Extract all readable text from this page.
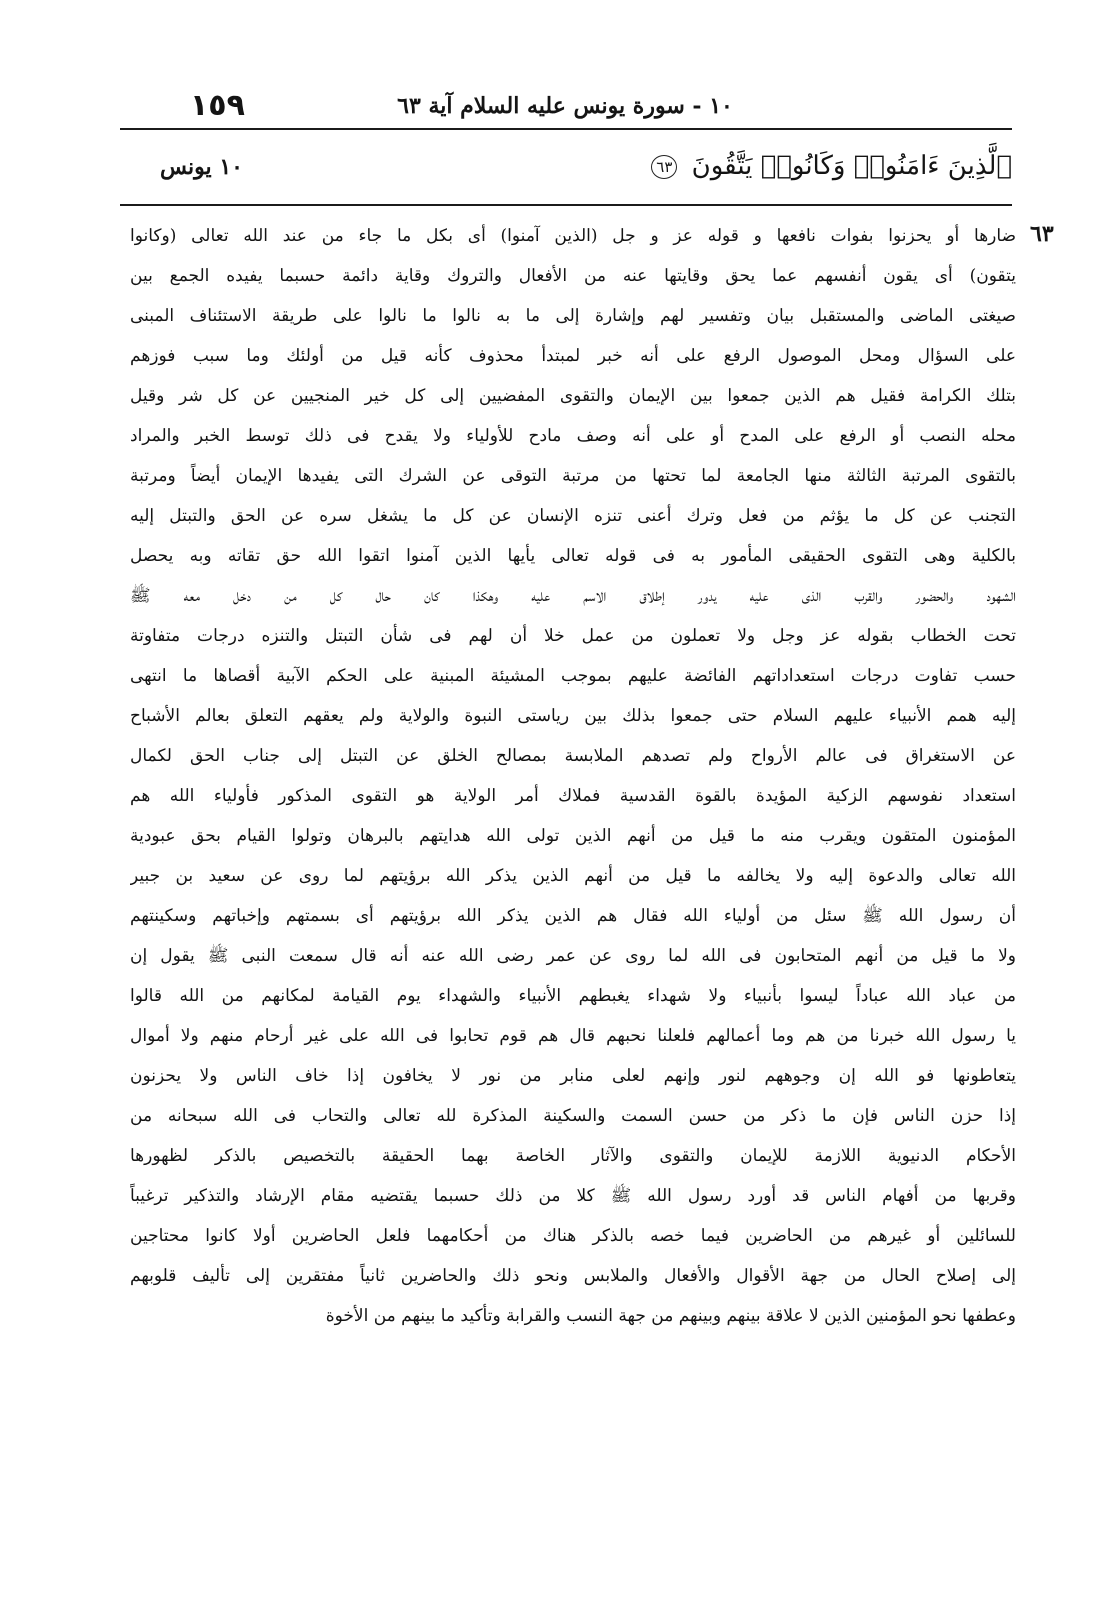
١٥٩	١٠ - سورة يونس عليه السلام آية ٦٣
ٱلَّذِينَ ءَامَنُوا۟ وَكَانُوا۟ يَتَّقُونَ ٦٣
١٠ يونس
٦٣
ضارها أو يحزنوا بفوات نافعها و قوله عز و جل (الذين آمنوا) أى بكل ما جاء من عند الله تعالى (وكانوا
يتقون) أى يقون أنفسهم عما يحق وقايتها عنه من الأفعال والتروك وقاية دائمة حسبما يفيده الجمع بين
صيغتى الماضى والمستقبل بيان وتفسير لهم وإشارة إلى ما به نالوا ما نالوا على طريقة الاستئناف المبنى
على السؤال ومحل الموصول الرفع على أنه خبر لمبتدأ محذوف كأنه قيل من أولئك وما سبب فوزهم
بتلك الكرامة فقيل هم الذين جمعوا بين الإيمان والتقوى المفضيين إلى كل خير المنجيين عن كل شر وقيل
محله النصب أو الرفع على المدح أو على أنه وصف مادح للأولياء ولا يقدح فى ذلك توسط الخبر والمراد
بالتقوى المرتبة الثالثة منها الجامعة لما تحتها من مرتبة التوقى عن الشرك التى يفيدها الإيمان أيضاً ومرتبة
التجنب عن كل ما يؤثم من فعل وترك أعنى تنزه الإنسان عن كل ما يشغل سره عن الحق والتبتل إليه
بالكلية وهى التقوى الحقيقى المأمور به فى قوله تعالى يأيها الذين آمنوا اتقوا الله حق تقاته وبه يحصل
الشهود والحضور والقرب الذى عليه يدور إطلاق الاسم عليه وهكذا كان حال كل من دخل معه ﷺ
تحت الخطاب بقوله عز وجل ولا تعملون من عمل خلا أن لهم فى شأن التبتل والتنزه درجات متفاوتة
حسب تفاوت درجات استعداداتهم الفائضة عليهم بموجب المشيئة المبنية على الحكم الآبية أقصاها ما انتهى
إليه همم الأنبياء عليهم السلام حتى جمعوا بذلك بين رياستى النبوة والولاية ولم يعقهم التعلق بعالم الأشباح
عن الاستغراق فى عالم الأرواح ولم تصدهم الملابسة بمصالح الخلق عن التبتل إلى جناب الحق لكمال
استعداد نفوسهم الزكية المؤيدة بالقوة القدسية فملاك أمر الولاية هو التقوى المذكور فأولياء الله هم
المؤمنون المتقون ويقرب منه ما قيل من أنهم الذين تولى الله هدايتهم بالبرهان وتولوا القيام بحق عبودية
الله تعالى والدعوة إليه ولا يخالفه ما قيل من أنهم الذين يذكر الله برؤيتهم لما روى عن سعيد بن جبير
أن رسول الله ﷺ سئل من أولياء الله فقال هم الذين يذكر الله برؤيتهم أى بسمتهم وإخباتهم وسكينتهم
ولا ما قيل من أنهم المتحابون فى الله لما روى عن عمر رضى الله عنه أنه قال سمعت النبى ﷺ يقول إن
من عباد الله عباداً ليسوا بأنبياء ولا شهداء يغبطهم الأنبياء والشهداء يوم القيامة لمكانهم من الله قالوا
يا رسول الله خبرنا من هم وما أعمالهم فلعلنا نحبهم قال هم قوم تحابوا فى الله على غير أرحام منهم ولا أموال
يتعاطونها فو الله إن وجوههم لنور وإنهم لعلى منابر من نور لا يخافون إذا خاف الناس ولا يحزنون
إذا حزن الناس فإن ما ذكر من حسن السمت والسكينة المذكرة لله تعالى والتحاب فى الله سبحانه من
الأحكام الدنيوية اللازمة للإيمان والتقوى والآثار الخاصة بهما الحقيقة بالتخصيص بالذكر لظهورها
وقربها من أفهام الناس قد أورد رسول الله ﷺ كلا من ذلك حسبما يقتضيه مقام الإرشاد والتذكير ترغيباً
للسائلين أو غيرهم من الحاضرين فيما خصه بالذكر هناك من أحكامهما فلعل الحاضرين أولا كانوا محتاجين
إلى إصلاح الحال من جهة الأقوال والأفعال والملابس ونحو ذلك والحاضرين ثانياً مفتقرين إلى تأليف قلوبهم
وعطفها نحو المؤمنين الذين لا علاقة بينهم وبينهم من جهة النسب والقرابة وتأكيد ما بينهم من الأخوة
